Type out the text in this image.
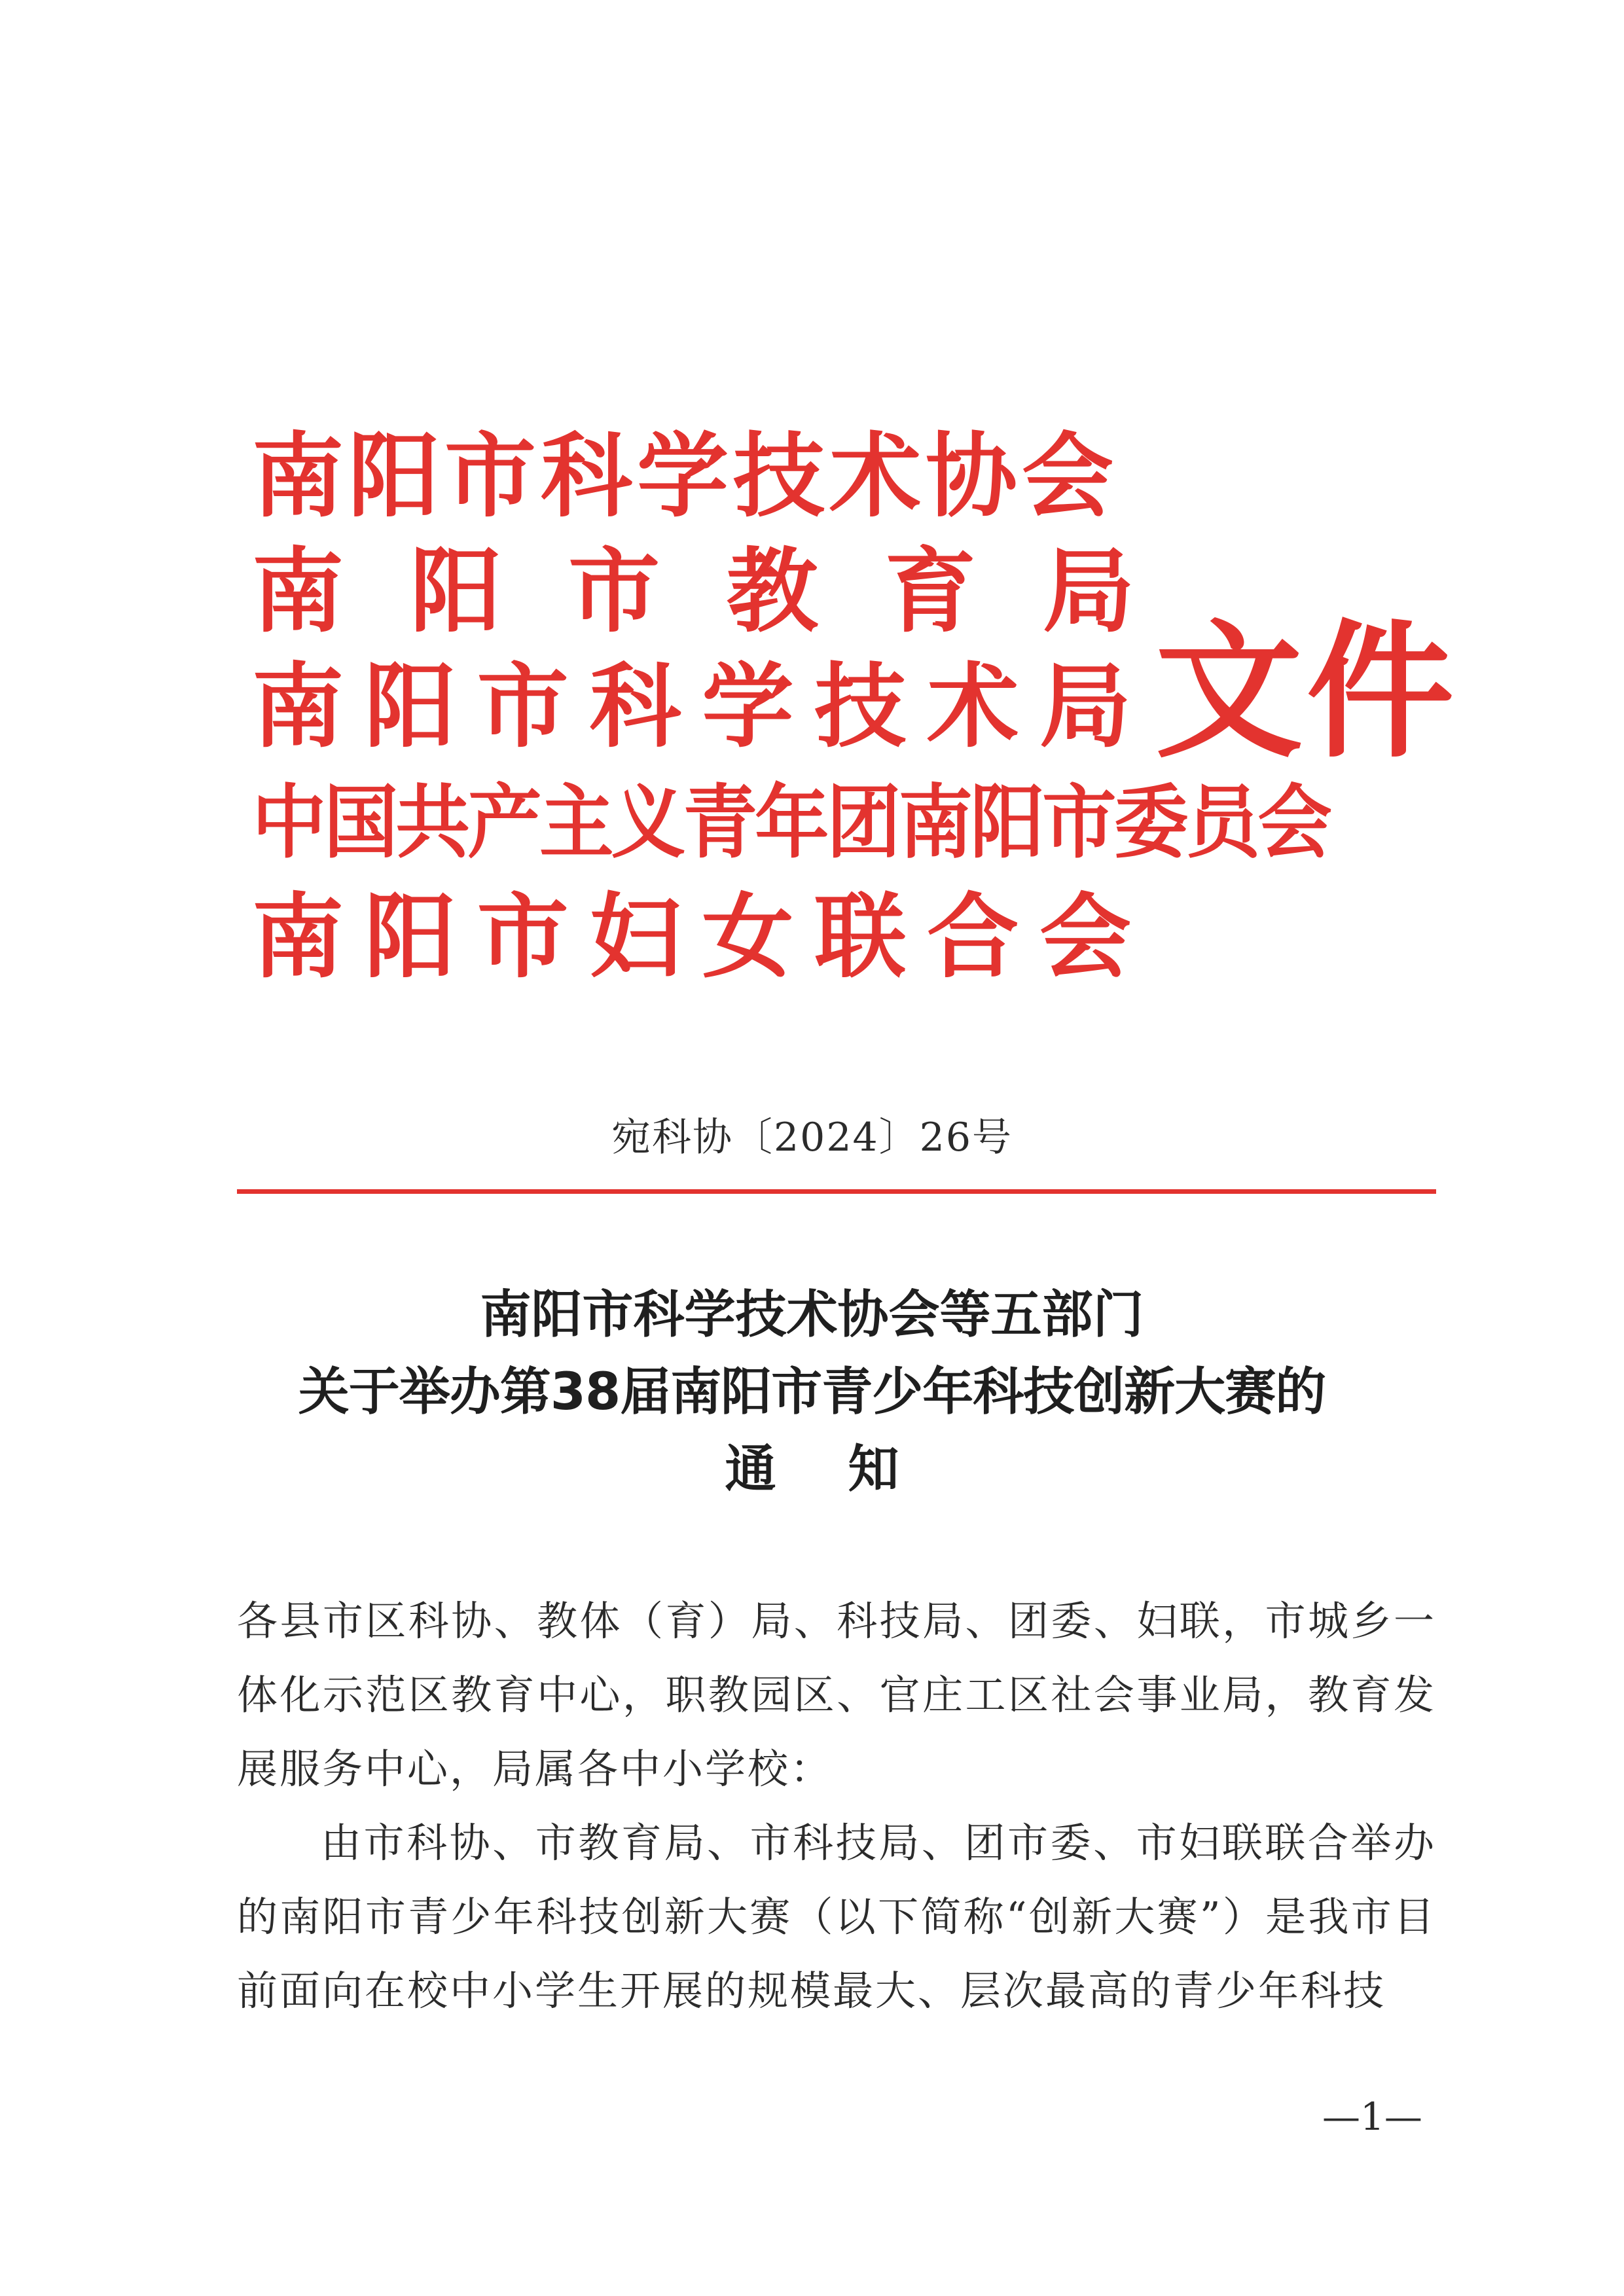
南阳市科学技术协会
南阳市教育局
南阳市科学技术局
中国共产主义青年团南阳市委员会
南阳市妇女联合会
文件
宛科协〔2024〕26号
南阳市科学技术协会等五部门
关于举办第38届南阳市青少年科技创新大赛的
通知

各县市区科协、教体（育）局、科技局、团委、妇联，市城乡一体化示范区教育中心，职教园区、官庄工区社会事业局，教育发展服务中心，局属各中小学校：

由市科协、市教育局、市科技局、团市委、市妇联联合举办的南阳市青少年科技创新大赛（以下简称“创新大赛”）是我市目前面向在校中小学生开展的规模最大、层次最高的青少年科技

—1—
